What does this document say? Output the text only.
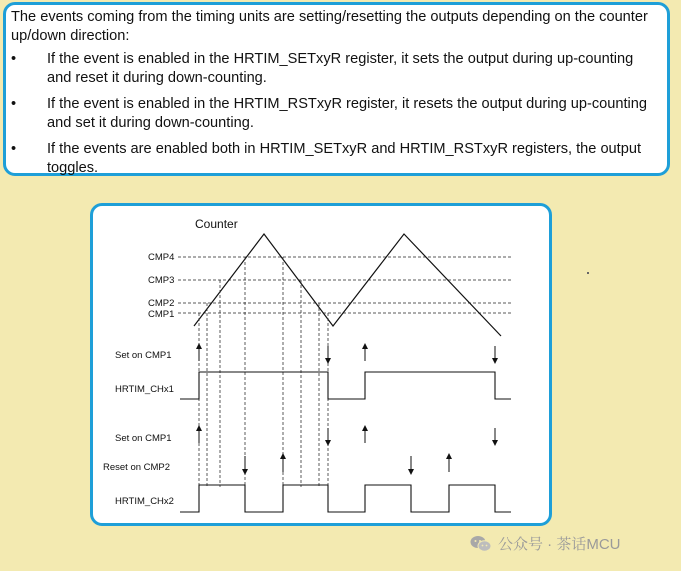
The events coming from the timing units are setting/resetting the outputs depending on the counter up/down direction:

•	If the event is enabled in the HRTIM_SETxyR register, it sets the output during up-counting and reset it during down-counting.
•	If the event is enabled in the HRTIM_RSTxyR register, it resets the output during up-counting and set it during down-counting.
•	If the events are enabled both in HRTIM_SETxyR and HRTIM_RSTxyR registers, the output toggles.
Counter
CMP4
CMP3
CMP2
CMP1
Set on CMP1
HRTIM_CHx1
Set on CMP1
Reset on CMP2
HRTIM_CHx2
公众号 · 茶话MCU
